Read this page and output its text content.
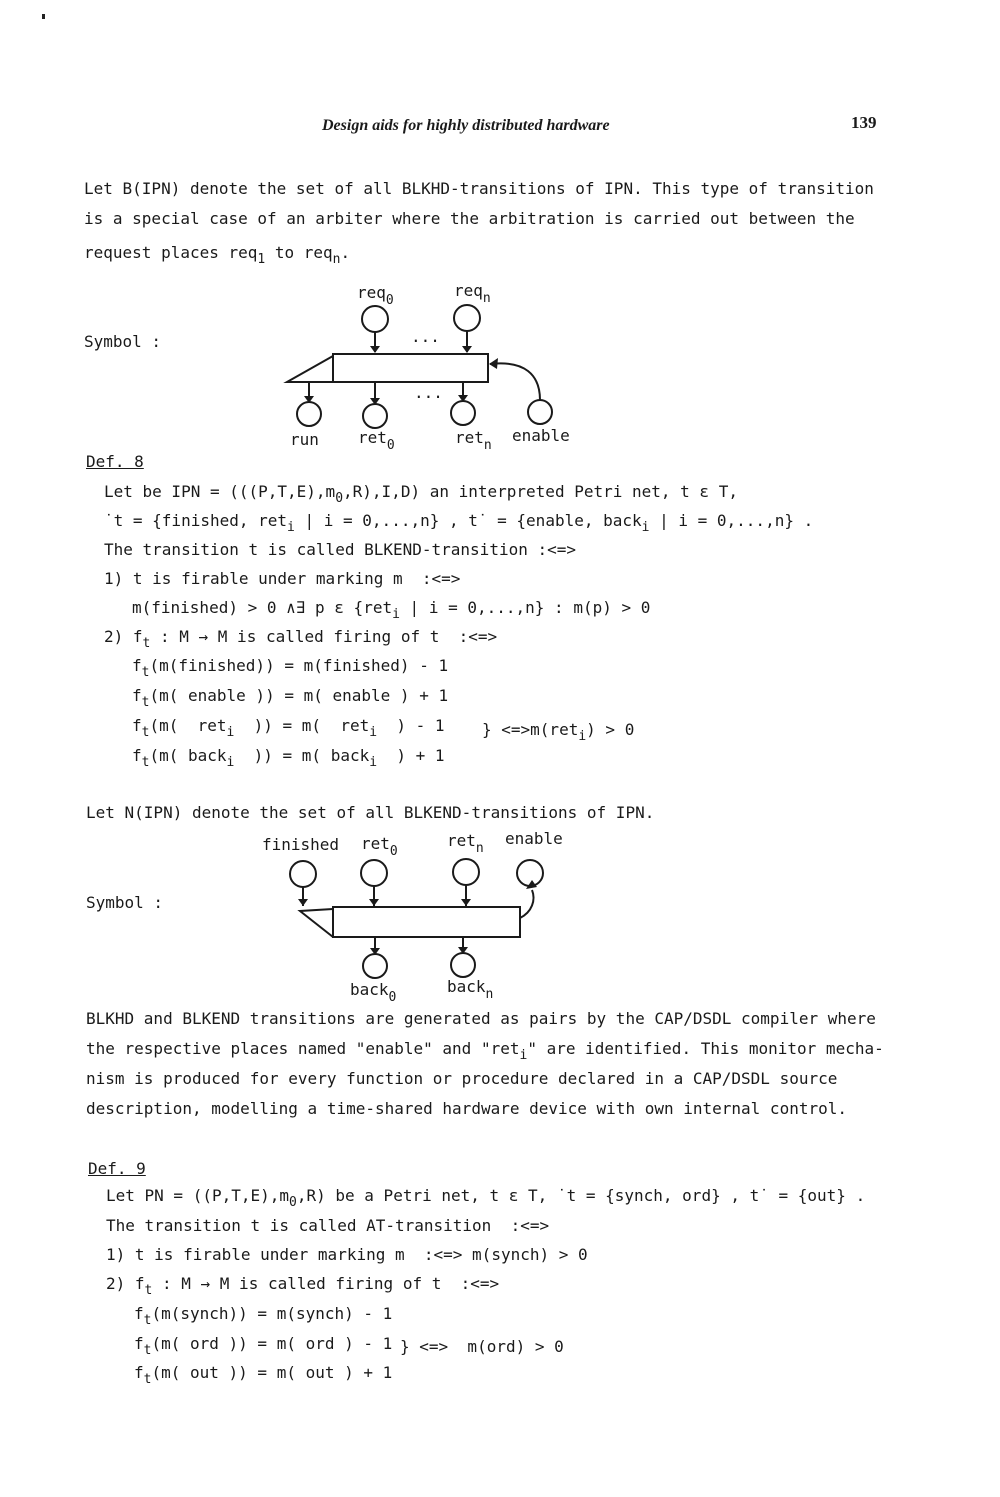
Design aids for highly distributed hardware	139
Let B(IPN) denote the set of all BLKHD-transitions of IPN. This type of transition
is a special case of an arbiter where the arbitration is carried out between the
request places req$_1$ to req$_n$.
Symbol :
req$_0$
req$_n$
...
...
run ret$_0$	ret$_n$
enable
Def. 8
Let be IPN = $(((P,T,E),m_0,R),I,D)$ an interpreted Petri net, t ε T,
˙t = {finished, ret$_i$ | i = 0,...,n} , t˙ = {enable, back$_i$ | i = 0,...,n} .
The transition t is called BLKEND-transition :<=>
1) t is firable under marking m  :<=>
m(finished) > 0 ∧∃ p ε {ret$_i$ | i = 0,...,n} : m(p) > 0
2) $f_t$ : M → M is called firing of t  :<=>
$f_t(m(finished))$ = m(finished) - 1
$f_t(m$( enable )) = m( enable ) + 1
$f_t(m$(  ret$_i$  )) = m(  ret$_i$  ) - 1 } <=>m(ret$_i$) > 0
$f_t(m$( back$_i$  )) = m( back$_i$  ) + 1
Let N(IPN) denote the set of all BLKEND-transitions of IPN.
Symbol :
finished ret$_0$
ret$_n$
enable
back$_0$
back$_n$
BLKHD and BLKEND transitions are generated as pairs by the CAP/DSDL compiler where
the respective places named "enable" and "ret$_i$" are identified. This monitor mecha-
nism is produced for every function or procedure declared in a CAP/DSDL source
description, modelling a time-shared hardware device with own internal control.
Def. 9
Let PN = $((P,T,E),m_0,R)$ be a Petri net, t ε T, ˙t = {synch, ord} , t˙ = {out} .
The transition t is called AT-transition  :<=>
1) t is firable under marking m  :<=> m(synch) > 0
2) $f_t$ : M → M is called firing of t  :<=>
$f_t(m(synch))$ = m(synch) - 1
$f_t(m$( ord )) = m( ord ) - 1 } <=>  m(ord) > 0
$f_t(m$( out )) = m( out ) + 1
